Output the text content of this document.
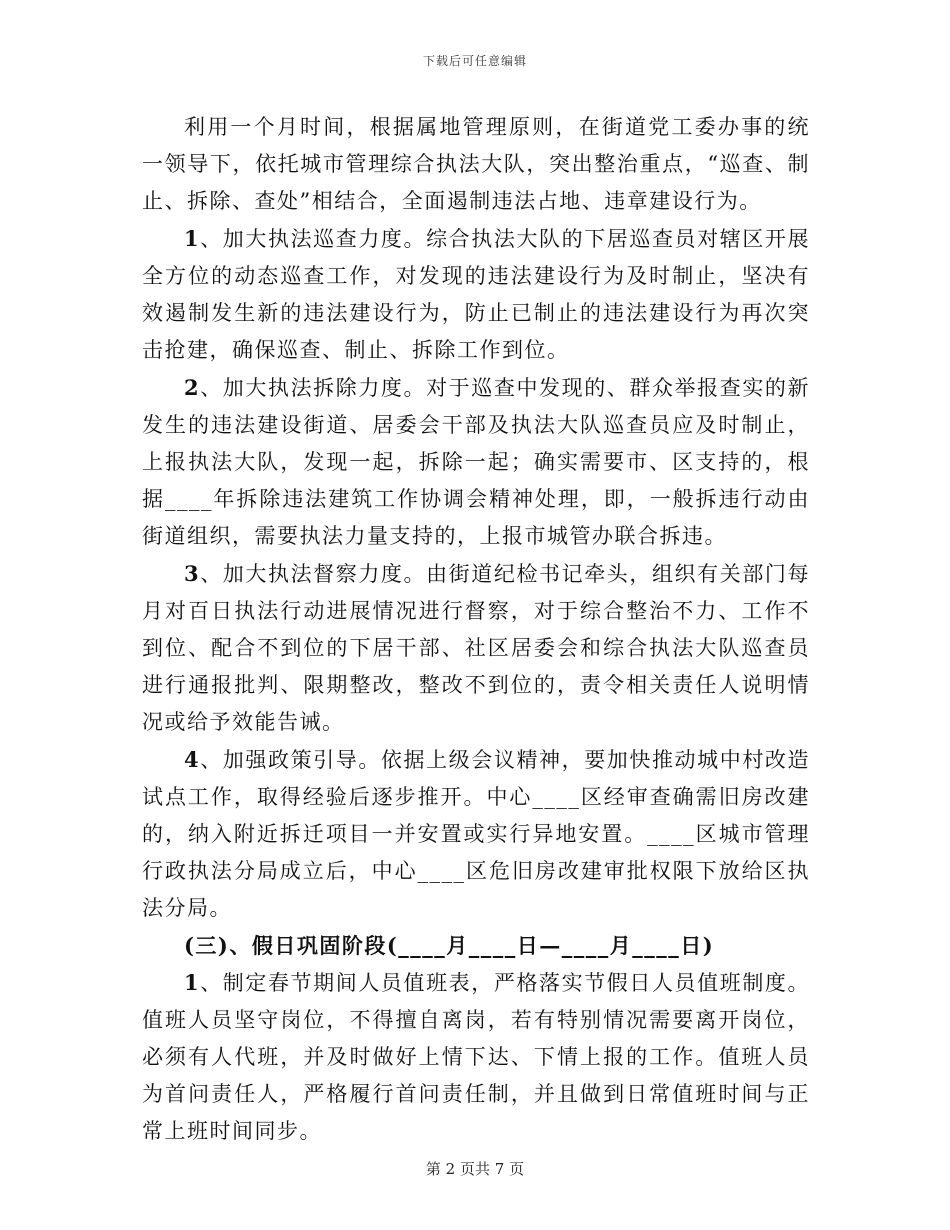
下载后可任意编辑

利用一个月时间，根据属地管理原则，在街道党工委办事的统一领导下，依托城市管理综合执法大队，突出整治重点，“巡查、制止、拆除、查处”相结合，全面遏制违法占地、违章建设行为。

1、加大执法巡查力度。综合执法大队的下居巡查员对辖区开展全方位的动态巡查工作，对发现的违法建设行为及时制止，坚决有效遏制发生新的违法建设行为，防止已制止的违法建设行为再次突击抢建，确保巡查、制止、拆除工作到位。

2、加大执法拆除力度。对于巡查中发现的、群众举报查实的新发生的违法建设街道、居委会干部及执法大队巡查员应及时制止，上报执法大队，发现一起，拆除一起；确实需要市、区支持的，根据____年拆除违法建筑工作协调会精神处理，即，一般拆违行动由街道组织，需要执法力量支持的，上报市城管办联合拆违。

3、加大执法督察力度。由街道纪检书记牵头，组织有关部门每月对百日执法行动进展情况进行督察，对于综合整治不力、工作不到位、配合不到位的下居干部、社区居委会和综合执法大队巡查员进行通报批判、限期整改，整改不到位的，责令相关责任人说明情况或给予效能告诫。

4、加强政策引导。依据上级会议精神，要加快推动城中村改造试点工作，取得经验后逐步推开。中心____区经审查确需旧房改建的，纳入附近拆迁项目一并安置或实行异地安置。____区城市管理行政执法分局成立后，中心____区危旧房改建审批权限下放给区执法分局。

(三)、假日巩固阶段(____月____日—____月____日)

1、制定春节期间人员值班表，严格落实节假日人员值班制度。值班人员坚守岗位，不得擅自离岗，若有特别情况需要离开岗位，必须有人代班，并及时做好上情下达、下情上报的工作。值班人员为首问责任人，严格履行首问责任制，并且做到日常值班时间与正常上班时间同步。

第 2 页共 7 页
